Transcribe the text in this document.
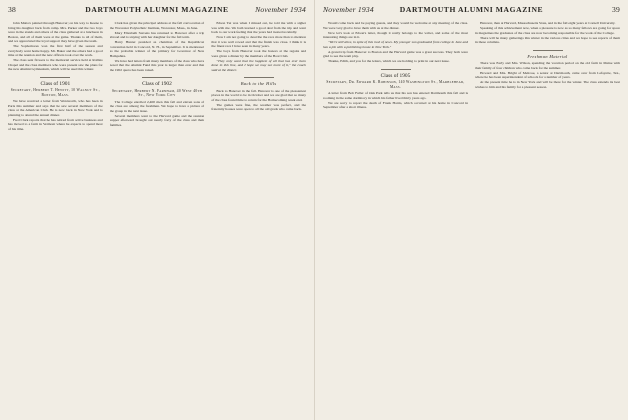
38	DARTMOUTH ALUMNI MAGAZINE	November 1934

John Mattox painted through Hanover; on his way to Keene to bring his daughter back from camp. Mrs. Parker and the two boys were in the stands and others of the class gathered at a luncheon in Boston, and all of them were at the game. Thanks to all of them, and we appreciated the loyal support they have given the team.

The Sophomores won the first half of the season and everybody went home happy. Mr. Baker and the others had a good time at the reunion and the new officers took over the work.

The class sent flowers to the memorial service held at Rollins Chapel and the class members who were present saw the plans for the new Alumni Gymnasium, which will be used this winter.

Class of 1901
Secretary, Herbert T. Hewitt, 10 Walnut St., Boston, Mass.

We have received a letter from Wentworth, who has been in Paris this summer and says that he saw several members of the class at the American Club. He is now back in New York and is planning to attend the annual dinner.

Fred Clark reports that he has retired from active business and has moved to a farm in Vermont where he expects to spend most of his time.

Clark has given the principal address at the fall convocation of the Worcester Polytechnic Institute, Worcester, Mass., in June.

Mary Elizabeth Stevens has returned to Hanover after a trip abroad and is staying with her daughter for the fall term.

Harry Hunter presided as chairman of the Republican convention held in Concord, N. H., in September. It is mentioned as the probable winner of the primary for Governor of New Hampshire.

We have had letters from many members of the class who have noted that the Alumni Fund this year is larger than ever and that the 1902 quota has been raised.

Class of 1902
Secretary, Herbert N. Farnham, 40 West 40th St., New York City

The College enrolled 2,400 men this fall and eleven sons of the class are among the freshmen. We hope to have a picture of the group in the next issue.

Several members went to the Harvard game and the reunion supper afterward brought out nearly forty of the class and their families.

Edson Tut was when I missed out, he told me with a sigher was with me. We both learned a good deal from the trip and went back to our work feeling that the years had treated us kindly.

Now I am not going to describe the race more than to mention that it was well rowed and that the finish was close. I think it is the finest race I have seen in many years.

The boys from Hanover took the honors at the regatta and were given a dinner by the members of the Boat Club.

"They only want that the happiest of all that has ever been done in this line, and I hope we may see more of it," the coach said at the dinner.

Back to the Hills

Back to Hanover in the fall. Hanover is one of the pleasantest places in the world to be in October and we are glad that so many of the class found time to return for the Homecoming week end.

The games were fine, the weather was perfect, and the fraternity houses were open to all the old grads who came back.

November 1934	DARTMOUTH ALUMNI MAGAZINE	39

Would come back and be paying guests, and they would be welcome at any meeting of the class. We were very glad to have them with us at the dinner.

Now let's look at Edson's letter, though it really belongs to the writer, and some of the most interesting things are in it.

"We're still alive, in spite of this rush of news. My younger son graduated from college in June and has a job with a publishing house in New York."

A grand trip from Hanover to Boston and the Harvard game was a great success. They both were glad to see the team play.

Thanks, Edith, and you for the letters, which we are holding to print in our next issue.

Class of 1905
Secretary, Dr. Edward K. Robinson, 140 Washington St., Marblehead, Mass.

A letter from Bob Fuller of Oak Park tells us that his son has entered Dartmouth this fall and is rooming in the same dormitory in which his father lived thirty years ago.

We are sorry to report the death of Frank Harris, which occurred at his home in Concord in September after a short illness.

Hanover, then at Harvard, Massachusetts State, and in the fall eight years at Cornell University.

Speaking of this achievement now, when a pleasure is now as so many fellows are going for space in magazines the graduates of the class are now becoming responsible for the work of the College.

There will be many gatherings this winter in the various cities and we hope to see reports of them in these columns.

Freshman Material

There was Early and Mrs. Wilson, spending the vacation period on the old farm in Maine with their family of four children who came back for the summer.

Howard and Mrs. Bright of Melrose, a senior at Dartmouth, came over from Lafayette, Tex., where he has been superintendent of schools for a number of years.

At the present time he is in New York and will be there for the winter. The class extends its best wishes to him and his family for a pleasant season.
